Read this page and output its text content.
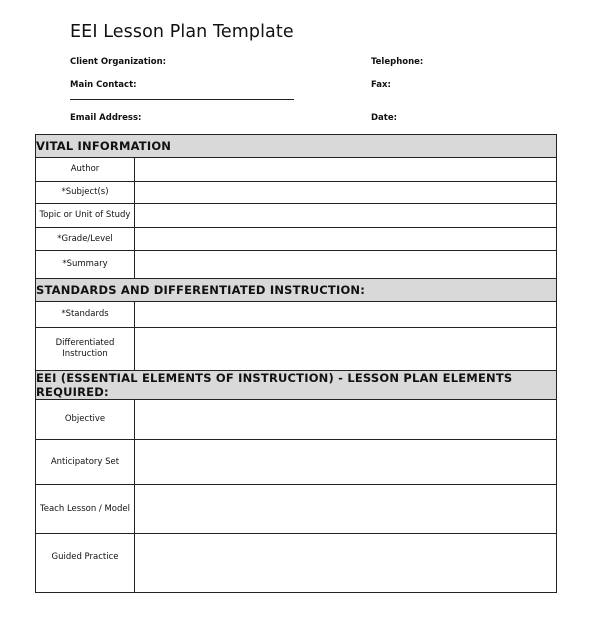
EEI Lesson Plan Template
Client Organization:	Telephone:
Main Contact:	Fax:
Email Address:	Date:
VITAL INFORMATION	
Author	
*Subject(s)	
Topic or Unit of Study	
*Grade/Level	
*Summary	
STANDARDS AND DIFFERENTIATED INSTRUCTION:	
*Standards	
Differentiated Instruction	
EEI (ESSENTIAL ELEMENTS OF INSTRUCTION) - LESSON PLAN ELEMENTS REQUIRED:	
Objective	
Anticipatory Set	
Teach Lesson / Model	
Guided Practice	
